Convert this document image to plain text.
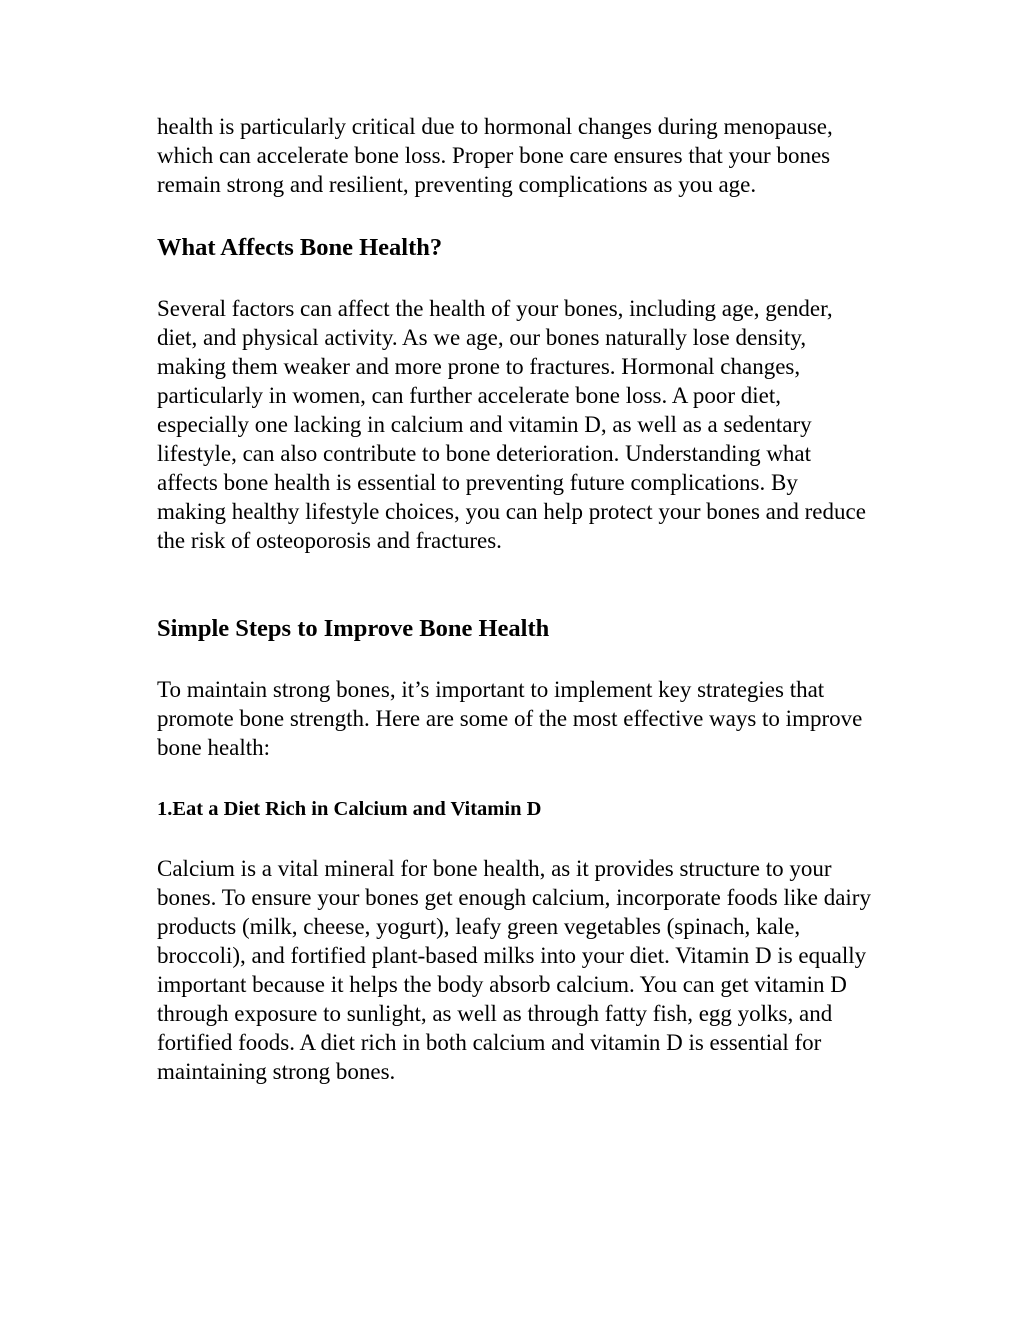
health is particularly critical due to hormonal changes during menopause, which can accelerate bone loss. Proper bone care ensures that your bones remain strong and resilient, preventing complications as you age.

What Affects Bone Health?

Several factors can affect the health of your bones, including age, gender, diet, and physical activity. As we age, our bones naturally lose density, making them weaker and more prone to fractures. Hormonal changes, particularly in women, can further accelerate bone loss. A poor diet, especially one lacking in calcium and vitamin D, as well as a sedentary lifestyle, can also contribute to bone deterioration. Understanding what affects bone health is essential to preventing future complications. By making healthy lifestyle choices, you can help protect your bones and reduce the risk of osteoporosis and fractures.

Simple Steps to Improve Bone Health

To maintain strong bones, it’s important to implement key strategies that promote bone strength. Here are some of the most effective ways to improve bone health:

1.Eat a Diet Rich in Calcium and Vitamin D

Calcium is a vital mineral for bone health, as it provides structure to your bones. To ensure your bones get enough calcium, incorporate foods like dairy products (milk, cheese, yogurt), leafy green vegetables (spinach, kale, broccoli), and fortified plant-based milks into your diet. Vitamin D is equally important because it helps the body absorb calcium. You can get vitamin D through exposure to sunlight, as well as through fatty fish, egg yolks, and fortified foods. A diet rich in both calcium and vitamin D is essential for maintaining strong bones.
